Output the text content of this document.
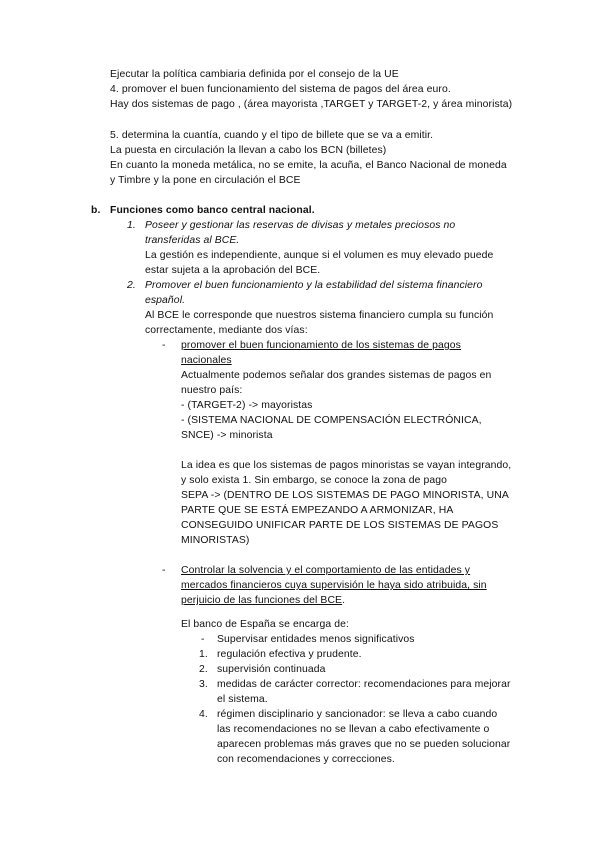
Ejecutar la política cambiaria definida por el consejo de la UE
4. promover el buen funcionamiento del sistema de pagos del área euro.
Hay dos sistemas de pago , (área mayorista ,TARGET y TARGET-2, y área minorista)
5. determina la cuantía, cuando y el tipo de billete que se va a emitir.
La puesta en circulación la llevan a cabo los BCN (billetes)
En cuanto la moneda metálica, no se emite, la acuña, el Banco Nacional de moneda
y Timbre y la pone en circulación el BCE
b. Funciones como banco central nacional.
1. Poseer y gestionar las reservas de divisas y metales preciosos no
transferidas al BCE.
La gestión es independiente, aunque si el volumen es muy elevado puede
estar sujeta a la aprobación del BCE.
2. Promover el buen funcionamiento y la estabilidad del sistema financiero
español.
Al BCE le corresponde que nuestros sistema financiero cumpla su función
correctamente, mediante dos vías:
- promover el buen funcionamiento de los sistemas de pagos
nacionales
Actualmente podemos señalar dos grandes sistemas de pagos en
nuestro país:
- (TARGET-2) -> mayoristas
- (SISTEMA NACIONAL DE COMPENSACIÓN ELECTRÓNICA,
SNCE) -> minorista
La idea es que los sistemas de pagos minoristas se vayan integrando,
y solo exista 1. Sin embargo, se conoce la zona de pago
SEPA -> (DENTRO DE LOS SISTEMAS DE PAGO MINORISTA, UNA
PARTE QUE SE ESTÁ EMPEZANDO A ARMONIZAR, HA
CONSEGUIDO UNIFICAR PARTE DE LOS SISTEMAS DE PAGOS
MINORISTAS)
- Controlar la solvencia y el comportamiento de las entidades y
mercados financieros cuya supervisión le haya sido atribuida, sin
perjuicio de las funciones del BCE.
El banco de España se encarga de:
- Supervisar entidades menos significativos
1. regulación efectiva y prudente.
2. supervisión continuada
3. medidas de carácter corrector: recomendaciones para mejorar
el sistema.
4. régimen disciplinario y sancionador: se lleva a cabo cuando
las recomendaciones no se llevan a cabo efectivamente o
aparecen problemas más graves que no se pueden solucionar
con recomendaciones y correcciones.
